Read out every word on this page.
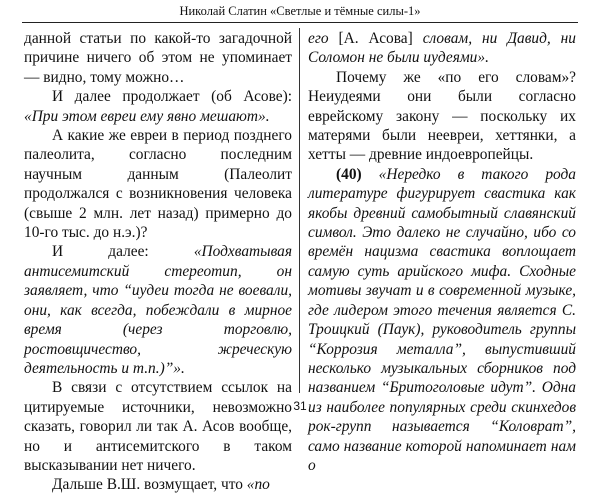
Николай Слатин «Светлые и тёмные силы-1»

данной статьи по какой-то загадочной причине ничего об этом не упоминает — видно, тому можно…

И далее продолжает (об Асове): «При этом евреи ему явно мешают».

А какие же евреи в период позднего палеолита, согласно последним научным данным (Палеолит продолжался с возникновения человека (свыше 2 млн. лет назад) примерно до 10-го тыс. до н.э.)?

И далее: «Подхватывая антисемитский стереотип, он заявляет, что “иудеи тогда не воевали, они, как всегда, побеждали в мирное время (через торговлю, ростовщичество, жреческую деятельность и т.п.)”».

В связи с отсутствием ссылок на цитируемые источники, невозможно сказать, говорил ли так А. Асов вообще, но и антисемитского в таком высказывании нет ничего.

Дальше В.Ш. возмущает, что «по

его [А. Асова] словам, ни Давид, ни Соломон не были иудеями».

Почему же «по его словам»? Неиудеями они были согласно еврейскому закону — поскольку их матерями были неевреи, хеттянки, а хетты — древние индоевропейцы.

(40) «Нередко в такого рода литературе фигурирует свастика как якобы древний самобытный славянский символ. Это далеко не случайно, ибо со времён нацизма свастика воплощает самую суть арийского мифа. Сходные мотивы звучат и в современной музыке, где лидером этого течения является С. Троицкий (Паук), руководитель группы “Коррозия металла”, выпустивший несколько музыкальных сборников под названием “Бритоголовые идут”. Одна из наиболее популярных среди скинхедов рок-групп называется “Коловрат”, само название которой напоминает нам о

31
